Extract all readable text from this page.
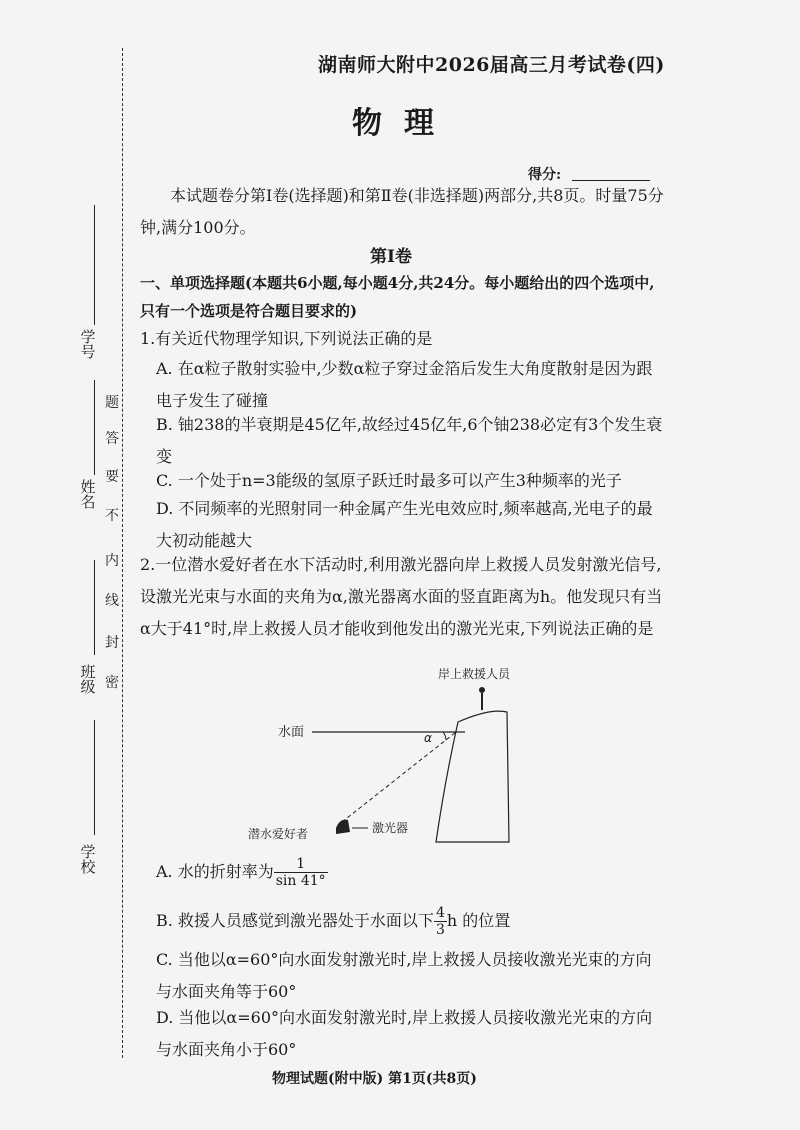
学号
姓名
班级
学校
题
答
要
不
内
线
封
密
湖南师大附中2026届高三月考试卷(四)
物理
得分:
本试题卷分第Ⅰ卷(选择题)和第Ⅱ卷(非选择题)两部分,共8页。时量75分钟,满分100分。
第Ⅰ卷
一、单项选择题(本题共6小题,每小题4分,共24分。每小题给出的四个选项中,只有一个选项是符合题目要求的)
1.有关近代物理学知识,下列说法正确的是
A. 在α粒子散射实验中,少数α粒子穿过金箔后发生大角度散射是因为跟电子发生了碰撞
B. 铀238的半衰期是45亿年,故经过45亿年,6个铀238必定有3个发生衰变
C. 一个处于n=3能级的氢原子跃迁时最多可以产生3种频率的光子
D. 不同频率的光照射同一种金属产生光电效应时,频率越高,光电子的最大初动能越大
2.一位潜水爱好者在水下活动时,利用激光器向岸上救援人员发射激光信号,设激光光束与水面的夹角为α,激光器离水面的竖直距离为h。他发现只有当α大于41°时,岸上救援人员才能收到他发出的激光光束,下列说法正确的是
水面
岸上救援人员
α
潜水爱好者	激光器
A. 水的折射率为 $\frac{1}{\sin 41^\circ}$
B. 救援人员感觉到激光器处于水面以下 $\frac{4}{3}$ h 的位置
C. 当他以α=60°向水面发射激光时,岸上救援人员接收激光光束的方向与水面夹角等于60°
D. 当他以α=60°向水面发射激光时,岸上救援人员接收激光光束的方向与水面夹角小于60°
物理试题(附中版) 第1页(共8页)
